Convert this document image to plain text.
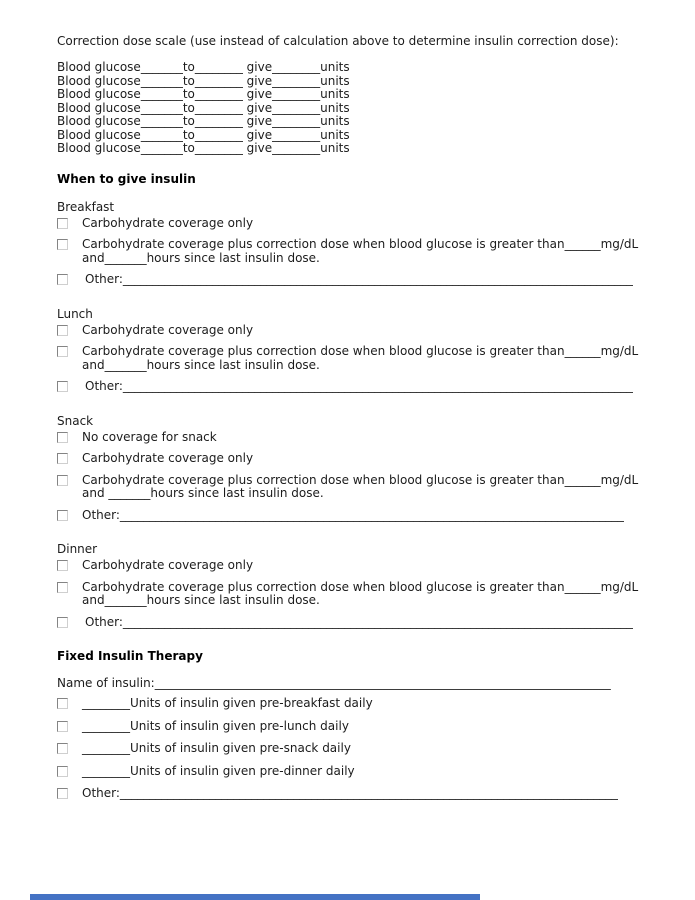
Correction dose scale (use instead of calculation above to determine insulin correction dose):

Blood glucose_______to________ give________units
Blood glucose_______to________ give________units
Blood glucose_______to________ give________units
Blood glucose_______to________ give________units
Blood glucose_______to________ give________units
Blood glucose_______to________ give________units
Blood glucose_______to________ give________units
When to give insulin
Breakfast
Carbohydrate coverage only
Carbohydrate coverage plus correction dose when blood glucose is greater than______mg/dL
and_______hours since last insulin dose.
Other:_____________________________________________________________________________________
Lunch
Carbohydrate coverage only
Carbohydrate coverage plus correction dose when blood glucose is greater than______mg/dL
and_______hours since last insulin dose.
Other:_____________________________________________________________________________________
Snack
No coverage for snack
Carbohydrate coverage only
Carbohydrate coverage plus correction dose when blood glucose is greater than______mg/dL
and _______hours since last insulin dose.
Other:____________________________________________________________________________________
Dinner
Carbohydrate coverage only
Carbohydrate coverage plus correction dose when blood glucose is greater than______mg/dL
and_______hours since last insulin dose.
Other:_____________________________________________________________________________________
Fixed Insulin Therapy
Name of insulin:____________________________________________________________________________
________Units of insulin given pre-breakfast daily
________Units of insulin given pre-lunch daily
________Units of insulin given pre-snack daily
________Units of insulin given pre-dinner daily
Other:___________________________________________________________________________________
